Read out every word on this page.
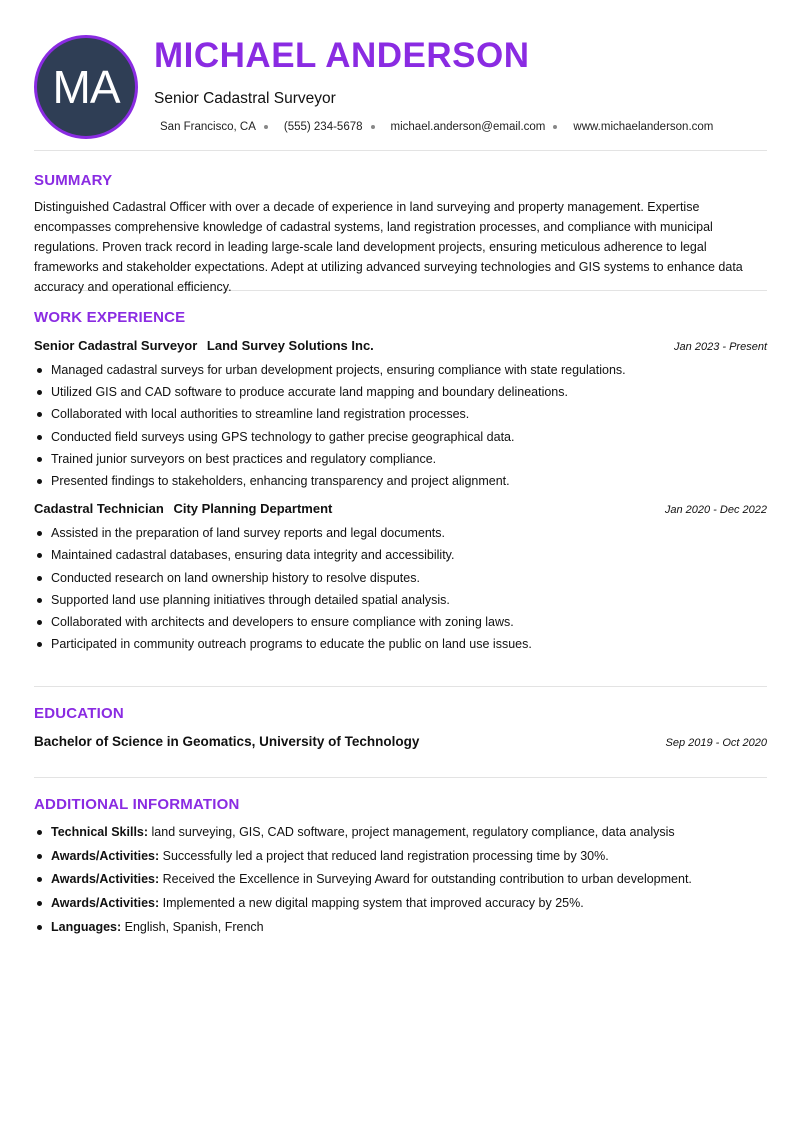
MA
MICHAEL ANDERSON
Senior Cadastral Surveyor
San Francisco, CA (555) 234-5678 michael.anderson@email.com www.michaelanderson.com
SUMMARY

Distinguished Cadastral Officer with over a decade of experience in land surveying and property management. Expertise encompasses comprehensive knowledge of cadastral systems, land registration processes, and compliance with municipal regulations. Proven track record in leading large-scale land development projects, ensuring meticulous adherence to legal frameworks and stakeholder expectations. Adept at utilizing advanced surveying technologies and GIS systems to enhance data accuracy and operational efficiency.

WORK EXPERIENCE
Senior Cadastral Surveyor Land Survey Solutions Inc.	Jan 2023 - Present
Managed cadastral surveys for urban development projects, ensuring compliance with state regulations.
Utilized GIS and CAD software to produce accurate land mapping and boundary delineations.
Collaborated with local authorities to streamline land registration processes.
Conducted field surveys using GPS technology to gather precise geographical data.
Trained junior surveyors on best practices and regulatory compliance.
Presented findings to stakeholders, enhancing transparency and project alignment.
Cadastral Technician City Planning Department	Jan 2020 - Dec 2022
Assisted in the preparation of land survey reports and legal documents.
Maintained cadastral databases, ensuring data integrity and accessibility.
Conducted research on land ownership history to resolve disputes.
Supported land use planning initiatives through detailed spatial analysis.
Collaborated with architects and developers to ensure compliance with zoning laws.
Participated in community outreach programs to educate the public on land use issues.
EDUCATION
Bachelor of Science in Geomatics, University of Technology	Sep 2019 - Oct 2020
ADDITIONAL INFORMATION
Technical Skills: land surveying, GIS, CAD software, project management, regulatory compliance, data analysis
Awards/Activities: Successfully led a project that reduced land registration processing time by 30%.
Awards/Activities: Received the Excellence in Surveying Award for outstanding contribution to urban development.
Awards/Activities: Implemented a new digital mapping system that improved accuracy by 25%.
Languages: English, Spanish, French
